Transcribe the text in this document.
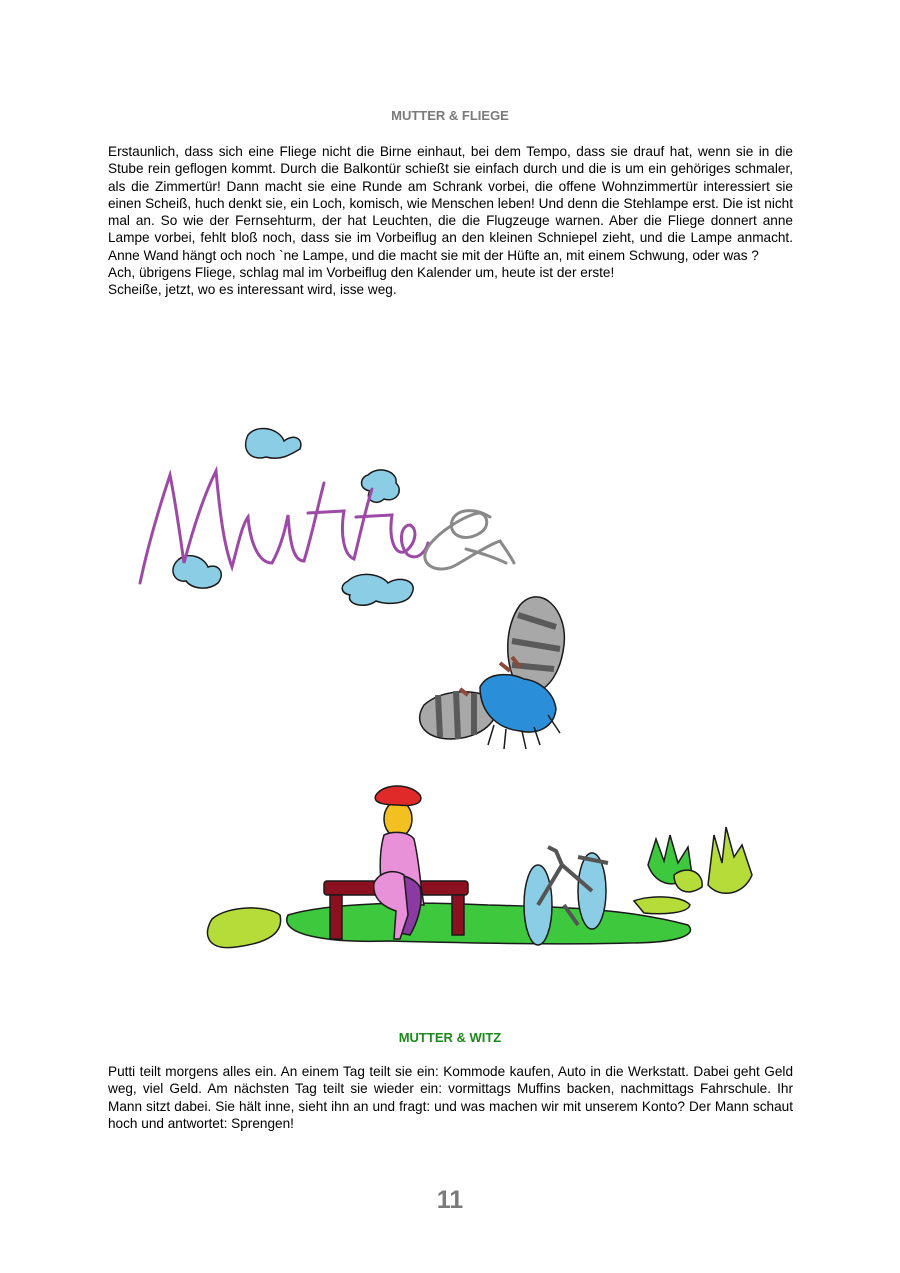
MUTTER & FLIEGE
Erstaunlich, dass sich eine Fliege nicht die Birne einhaut, bei dem Tempo, dass sie drauf hat, wenn sie in die Stube rein geflogen kommt. Durch die Balkontür schießt sie einfach durch und die is um ein gehöriges schmaler, als die Zimmertür! Dann macht sie eine Runde am Schrank vorbei, die offene Wohnzimmertür interessiert sie einen Scheiß, huch denkt sie, ein Loch, komisch, wie Menschen leben! Und denn die Stehlampe erst. Die ist nicht mal an. So wie der Fernsehturm, der hat Leuchten, die die Flugzeuge warnen. Aber die Fliege donnert anne Lampe vorbei, fehlt bloß noch, dass sie im Vorbeiflug an den kleinen Schniepel zieht, und die Lampe anmacht. Anne Wand hängt och noch `ne Lampe, und die macht sie mit der Hüfte an, mit einem Schwung, oder was ?
Ach, übrigens Fliege, schlag mal im Vorbeiflug den Kalender um, heute ist der erste!
Scheiße, jetzt, wo es interessant wird, isse weg.
Mutter &
MUTTER & WITZ

Putti teilt morgens alles ein. An einem Tag teilt sie ein: Kommode kaufen, Auto in die Werkstatt. Dabei geht Geld weg, viel Geld. Am nächsten Tag teilt sie wieder ein: vormittags Muffins backen, nachmittags Fahrschule. Ihr Mann sitzt dabei. Sie hält inne, sieht ihn an und fragt: und was machen wir mit unserem Konto? Der Mann schaut hoch und antwortet: Sprengen!

11
